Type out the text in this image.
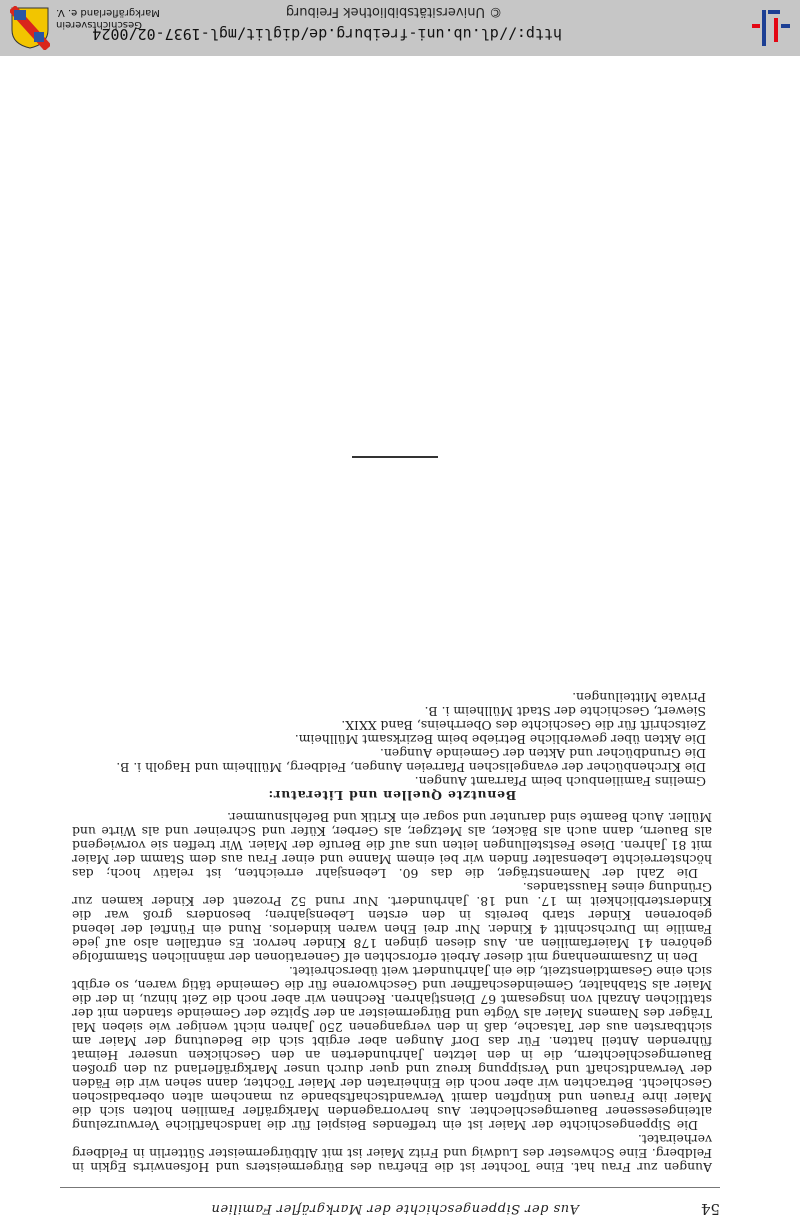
http://dl.ub.uni-freiburg.de/diglit/mgl-1937-02/0024
© Universitätsbibliothek Freiburg
Geschichtsverein
Markgräflerland e. V.
54
Aus der Sippengeschichte der Markgräfler Familien

Aungen zur Frau hat. Eine Tochter ist die Ehefrau des Bürgermeisters und Hofsenwirts Egkin in Feldberg. Eine Schwester des Ludwig und Fritz Maier ist mit Altbürgermeister Sütterlin in Feldberg verheiratet.

Die Sippengeschichte der Maier ist ein treffendes Beispiel für die landschaftliche Verwurzelung alteingesessener Bauerngeschlechter. Aus hervorragenden Markgräfler Familien holten sich die Maier ihre Frauen und knüpften damit Verwandtschaftsbande zu manchem alten oberbadischen Geschlecht. Betrachten wir aber noch die Einheiraten der Maier Töchter, dann sehen wir die Fäden der Verwandtschaft und Versippung kreuz und quer durch unser Markgräflerland zu den großen Bauerngeschlechtern, die in den letzten Jahrhunderten an den Geschicken unserer Heimat führenden Anteil hatten. Für das Dorf Aungen aber ergibt sich die Bedeutung der Maier am sichtbarsten aus der Tatsache, daß in den vergangenen 250 Jahren nicht weniger wie sieben Mal Träger des Namens Maier als Vögte und Bürgermeister an der Spitze der Gemeinde standen mit der stattlichen Anzahl von insgesamt 67 Dienstjahren. Rechnen wir aber noch die Zeit hinzu, in der die Maier als Stabhalter, Gemeindeschaffner und Geschworene für die Gemeinde tätig waren, so ergibt sich eine Gesamtdienstzeit, die ein Jahrhundert weit überschreitet.

Den in Zusammenhang mit dieser Arbeit erforschten elf Generationen der männlichen Stammfolge gehören 41 Maierfamilien an. Aus diesen gingen 178 Kinder hervor. Es entfallen also auf jede Familie im Durchschnitt 4 Kinder. Nur drei Ehen waren kinderlos. Rund ein Fünftel der lebend geborenen Kinder starb bereits in den ersten Lebensjahren; besonders groß war die Kindersterblichkeit im 17. und 18. Jahrhundert. Nur rund 52 Prozent der Kinder kamen zur Gründung eines Hausstandes.

Die Zahl der Namensträger, die das 60. Lebensjahr erreichten, ist relativ hoch; das höchsterreichte Lebensalter finden wir bei einem Manne und einer Frau aus dem Stamm der Maier mit 81 Jahren. Diese Feststellungen leiten uns auf die Berufe der Maier. Wir treffen sie vorwiegend als Bauern, dann auch als Bäcker, als Metzger, als Gerber, Küfer und Schreiner und als Wirte und Müller. Auch Beamte sind darunter und sogar ein Kritik und Befehlsnummer.

Benutzte Quellen und Literatur:

Gmelins Familienbuch beim Pfarramt Aungen.

Die Kirchenbücher der evangelischen Pfarreien Aungen, Feldberg, Müllheim und Hagolh i. B.

Die Grundbücher und Akten der Gemeinde Aungen.

Die Akten über gewerbliche Betriebe beim Bezirksamt Müllheim.

Zeitschrift für die Geschichte des Oberrheins, Band XXIX.

Siewert, Geschichte der Stadt Müllheim i. B.

Private Mitteilungen.
